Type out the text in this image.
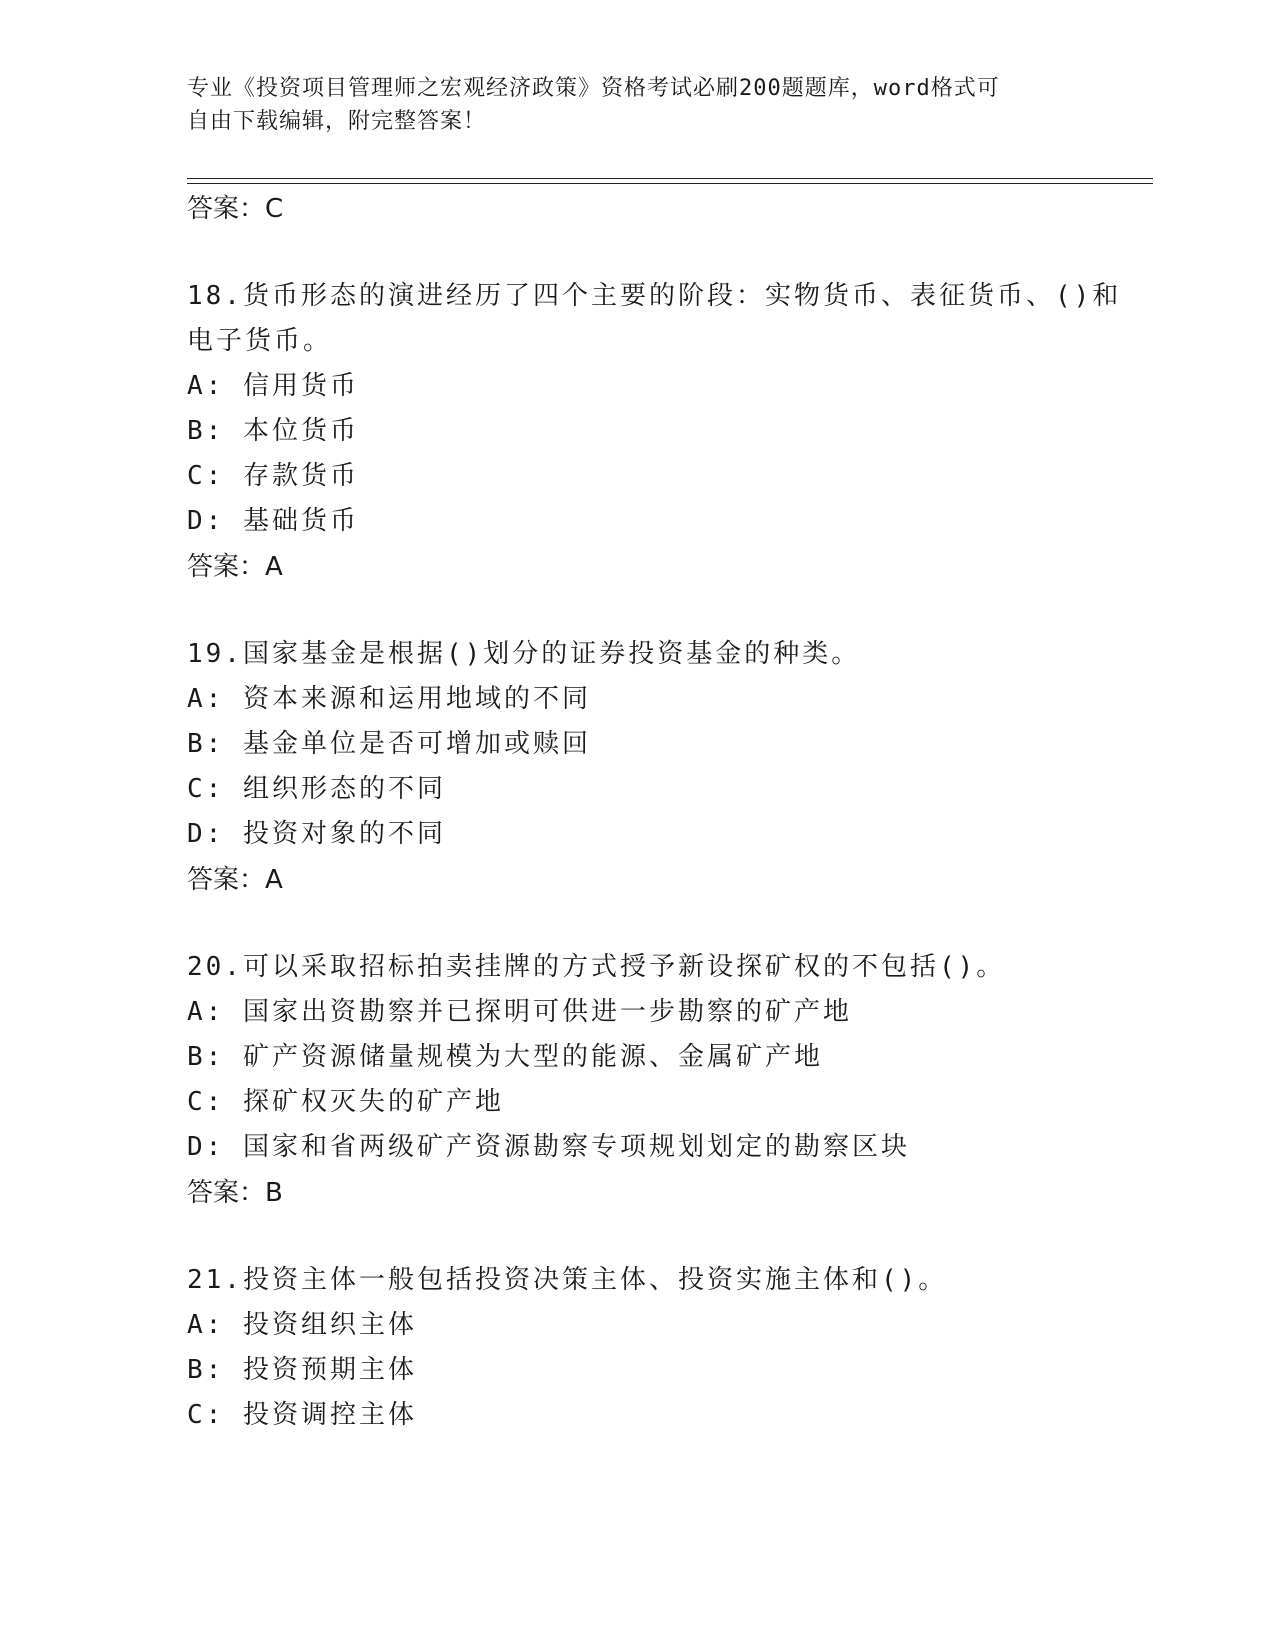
专业《投资项目管理师之宏观经济政策》资格考试必刷200题题库，word格式可
自由下载编辑，附完整答案！
答案：C
18.货币形态的演进经历了四个主要的阶段：实物货币、表征货币、()和电子货币。
A: 信用货币
B: 本位货币
C: 存款货币
D: 基础货币
答案：A
19.国家基金是根据()划分的证券投资基金的种类。
A: 资本来源和运用地域的不同
B: 基金单位是否可增加或赎回
C: 组织形态的不同
D: 投资对象的不同
答案：A
20.可以采取招标拍卖挂牌的方式授予新设探矿权的不包括()。
A: 国家出资勘察并已探明可供进一步勘察的矿产地
B: 矿产资源储量规模为大型的能源、金属矿产地
C: 探矿权灭失的矿产地
D: 国家和省两级矿产资源勘察专项规划划定的勘察区块
答案：B
21.投资主体一般包括投资决策主体、投资实施主体和()。
A: 投资组织主体
B: 投资预期主体
C: 投资调控主体
